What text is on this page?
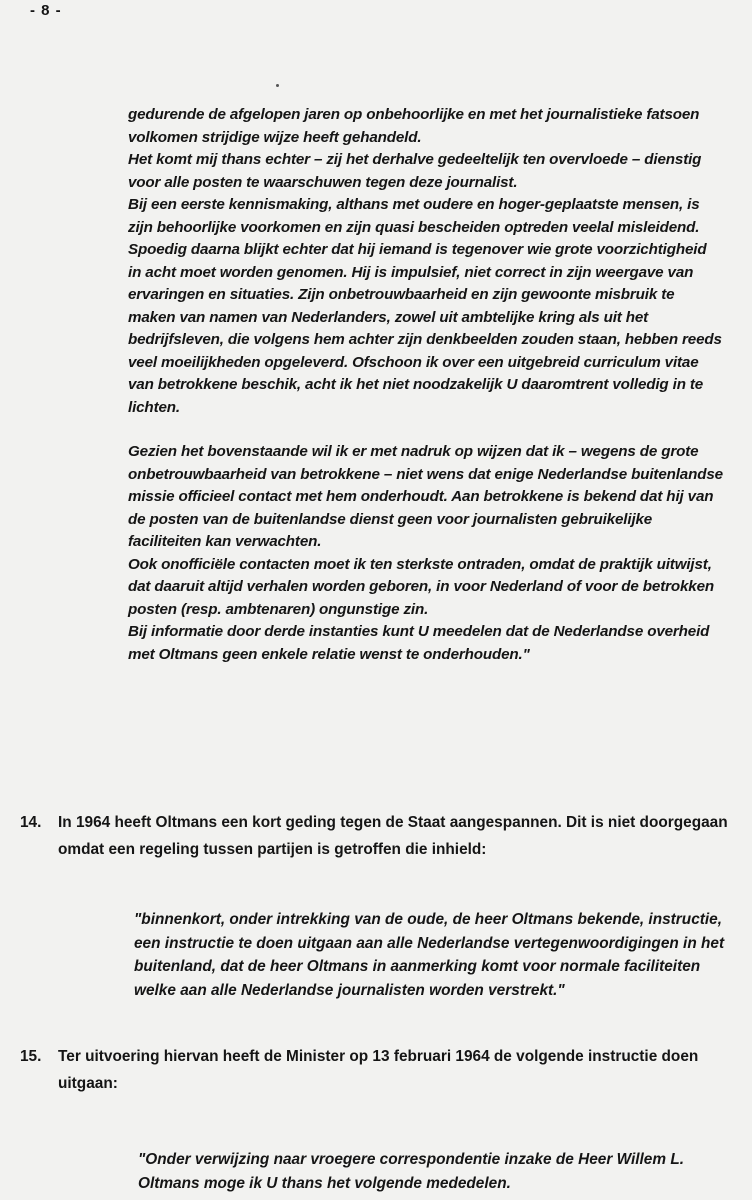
- 8 -

gedurende de afgelopen jaren op onbehoorlijke en met het journalistieke fatsoen volkomen strijdige wijze heeft gehandeld.

Het komt mij thans echter – zij het derhalve gedeeltelijk ten overvloede – dienstig voor alle posten te waarschuwen tegen deze journalist.

Bij een eerste kennismaking, althans met oudere en hoger-geplaatste mensen, is zijn behoorlijke voorkomen en zijn quasi bescheiden optreden veelal misleidend. Spoedig daarna blijkt echter dat hij iemand is tegenover wie grote voorzichtigheid in acht moet worden genomen. Hij is impulsief, niet correct in zijn weergave van ervaringen en situaties. Zijn onbetrouwbaarheid en zijn gewoonte misbruik te maken van namen van Nederlanders, zowel uit ambtelijke kring als uit het bedrijfsleven, die volgens hem achter zijn denkbeelden zouden staan, hebben reeds veel moeilijkheden opgeleverd. Ofschoon ik over een uitgebreid curriculum vitae van betrokkene beschik, acht ik het niet noodzakelijk U daaromtrent volledig in te lichten.

Gezien het bovenstaande wil ik er met nadruk op wijzen dat ik – wegens de grote onbetrouwbaarheid van betrokkene – niet wens dat enige Nederlandse buitenlandse missie officieel contact met hem onderhoudt. Aan betrokkene is bekend dat hij van de posten van de buitenlandse dienst geen voor journalisten gebruikelijke faciliteiten kan verwachten.

Ook onofficiële contacten moet ik ten sterkste ontraden, omdat de praktijk uitwijst, dat daaruit altijd verhalen worden geboren, in voor Nederland of voor de betrokken posten (resp. ambtenaren) ongunstige zin.

Bij informatie door derde instanties kunt U meedelen dat de Nederlandse overheid met Oltmans geen enkele relatie wenst te onderhouden."

14.	In 1964 heeft Oltmans een kort geding tegen de Staat aangespannen. Dit is niet doorgegaan omdat een regeling tussen partijen is getroffen die inhield:
"binnenkort, onder intrekking van de oude, de heer Oltmans bekende, instructie, een instructie te doen uitgaan aan alle Nederlandse vertegenwoordigingen in het buitenland, dat de heer Oltmans in aanmerking komt voor normale faciliteiten welke aan alle Nederlandse journalisten worden verstrekt."
15.	Ter uitvoering hiervan heeft de Minister op 13 februari 1964 de volgende instructie doen uitgaan:
"Onder verwijzing naar vroegere correspondentie inzake de Heer Willem L. Oltmans moge ik U thans het volgende mededelen.
